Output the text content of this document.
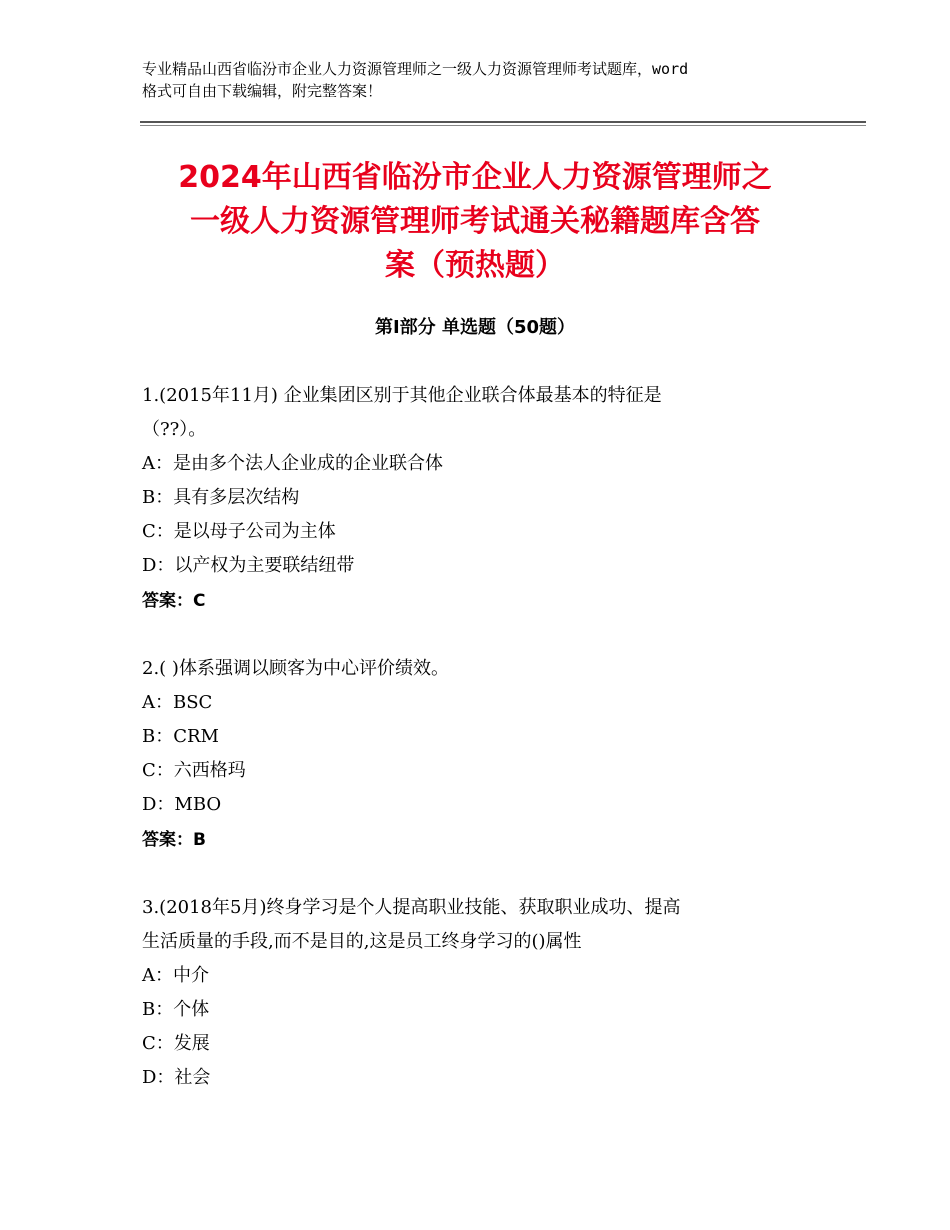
专业精品山西省临汾市企业人力资源管理师之一级人力资源管理师考试题库，word
格式可自由下载编辑，附完整答案！
2024年山西省临汾市企业人力资源管理师之
一级人力资源管理师考试通关秘籍题库含答
案（预热题）
第Ⅰ部分 单选题（50题）
1.(2015年11月) 企业集团区别于其他企业联合体最基本的特征是
（??）。
A：是由多个法人企业成的企业联合体
B：具有多层次结构
C：是以母子公司为主体
D：以产权为主要联结纽带
答案：C
2.( )体系强调以顾客为中心评价绩效。
A：BSC
B：CRM
C：六西格玛
D：MBO
答案：B
3.(2018年5月)终身学习是个人提高职业技能、获取职业成功、提高
生活质量的手段,而不是目的,这是员工终身学习的()属性
A：中介
B：个体
C：发展
D：社会
